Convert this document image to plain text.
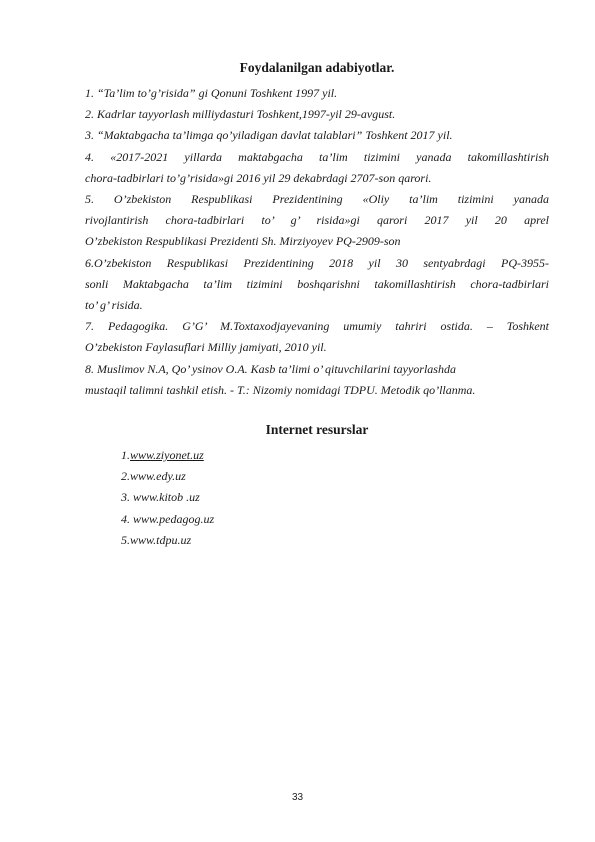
Foydalanilgan adabiyotlar.
1. “Ta’lim to’g’risida” gi Qonuni Toshkent 1997 yil.
2. Kadrlar tayyorlash milliydasturi Toshkent,1997-yil 29-avgust.
3. “Maktabgacha ta’limga qo’yiladigan davlat talablari” Toshkent 2017 yil.
4. «2017-2021 yillarda maktabgacha ta’lim tizimini yanada takomillashtirish
chora-tadbirlari to’g’risida»gi 2016 yil 29 dekabrdagi 2707-son qarori.
5. O’zbekiston Respublikasi Prezidentining «Oliy ta’lim tizimini yanada
rivojlantirish chora-tadbirlari to’ g’ risida»gi qarori 2017 yil 20 aprel
O’zbekiston Respublikasi Prezidenti Sh. Mirziyoyev PQ-2909-son
6.O’zbekiston Respublikasi Prezidentining 2018 yil 30 sentyabrdagi PQ-3955-
sonli Maktabgacha ta’lim tizimini boshqarishni takomillashtirish chora-tadbirlari
to’ g’ risida.
7. Pedagogika. G’G’ M.Toxtaxodjayevaning umumiy tahriri ostida. – Toshkent
O’zbekiston Faylasuflari Milliy jamiyati, 2010 yil.
8. Muslimov N.A, Qo’ ysinov O.A. Kasb ta’limi o’ qituvchilarini tayyorlashda
mustaqil talimni tashkil etish. - T.: Nizomiy nomidagi TDPU. Metodik qo’llanma.
Internet resurslar
1.www.ziyonet.uz
2.www.edy.uz
3. www.kitob .uz
4. www.pedagog.uz
5.www.tdpu.uz
33
